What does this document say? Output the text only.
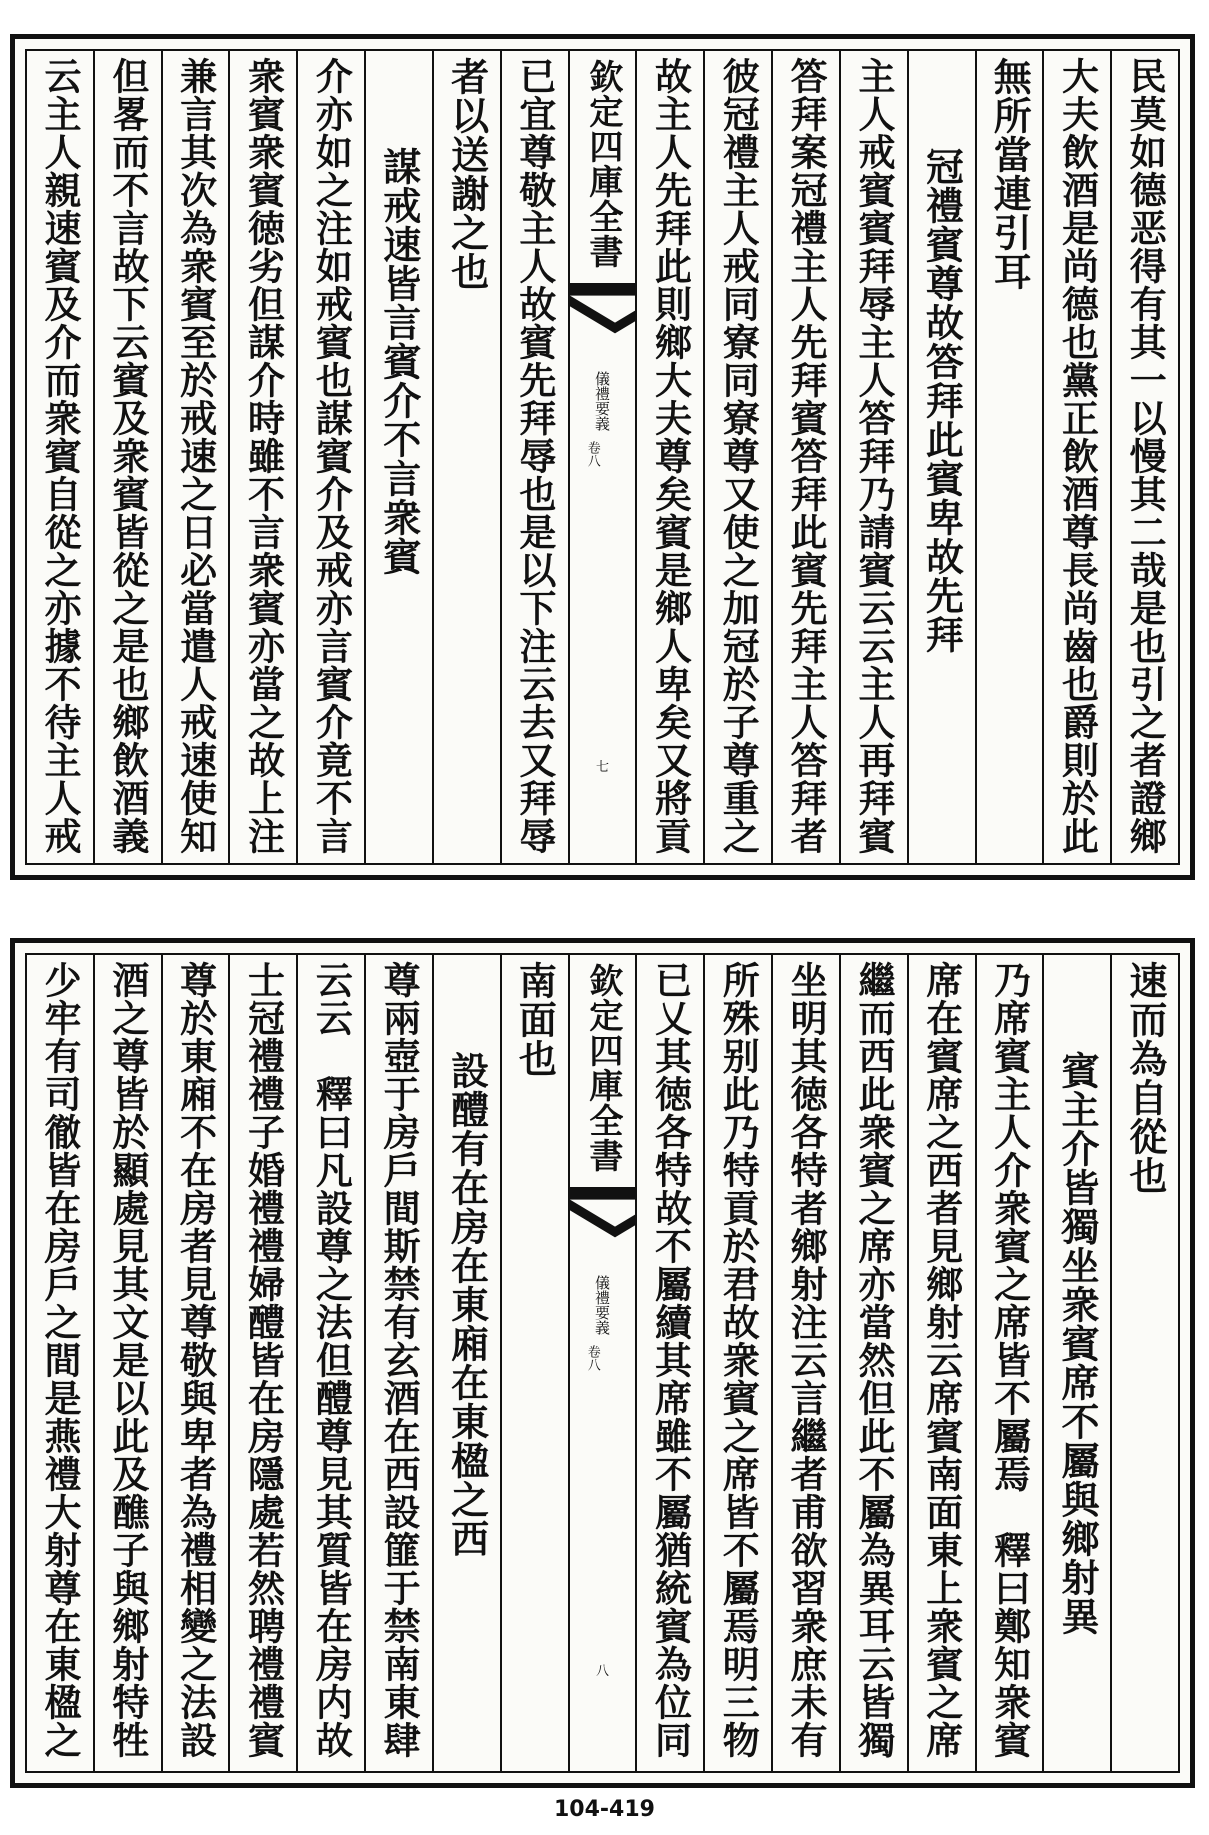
民莫如德恶得有其一以慢其二哉是也引之者證鄉
大夫飲酒是尚德也黨正飲酒尊長尚齒也爵則於此
無所當連引耳
冠禮賓尊故答拜此賓卑故先拜
主人戒賓賓拜辱主人答拜乃請賓云云主人再拜賓
答拜案冠禮主人先拜賓答拜此賓先拜主人答拜者
彼冠禮主人戒同寮同寮尊又使之加冠於子尊重之
故主人先拜此則鄉大夫尊矣賓是鄉人卑矣又將貢
欽定四庫全書
儀禮要義
卷八
七
已宜尊敬主人故賓先拜辱也是以下注云去又拜辱
者以送謝之也
謀戒速皆言賓介不言衆賓
介亦如之注如戒賓也謀賓介及戒亦言賓介竟不言
衆賓衆賓徳劣但謀介時雖不言衆賓亦當之故上注
兼言其次為衆賓至於戒速之日必當遣人戒速使知
但畧而不言故下云賓及衆賓皆從之是也鄉飲酒義
云主人親速賓及介而衆賓自從之亦據不待主人戒
速而為自從也
賓主介皆獨坐衆賓席不屬與鄉射異
乃席賓主人介衆賓之席皆不屬焉　釋曰鄭知衆賓
席在賓席之西者見鄉射云席賓南面東上衆賓之席
繼而西此衆賓之席亦當然但此不屬為異耳云皆獨
坐明其徳各特者鄉射注云言繼者甫欲習衆庶未有
所殊别此乃特貢於君故衆賓之席皆不屬焉明三物
已乂其徳各特故不屬續其席雖不屬猶統賓為位同
欽定四庫全書
儀禮要義
卷八
八
南面也
設醴有在房在東廂在東楹之西
尊兩壺于房戶間斯禁有玄酒在西設篚于禁南東肆
云云　釋曰凡設尊之法但醴尊見其質皆在房内故
士冠禮禮子婚禮禮婦醴皆在房隱處若然聘禮禮賓
尊於東廂不在房者見尊敬與卑者為禮相變之法設
酒之尊皆於顯處見其文是以此及醮子與鄉射特牲
少牢有司徹皆在房戶之間是燕禮大射尊在東楹之
104-419
